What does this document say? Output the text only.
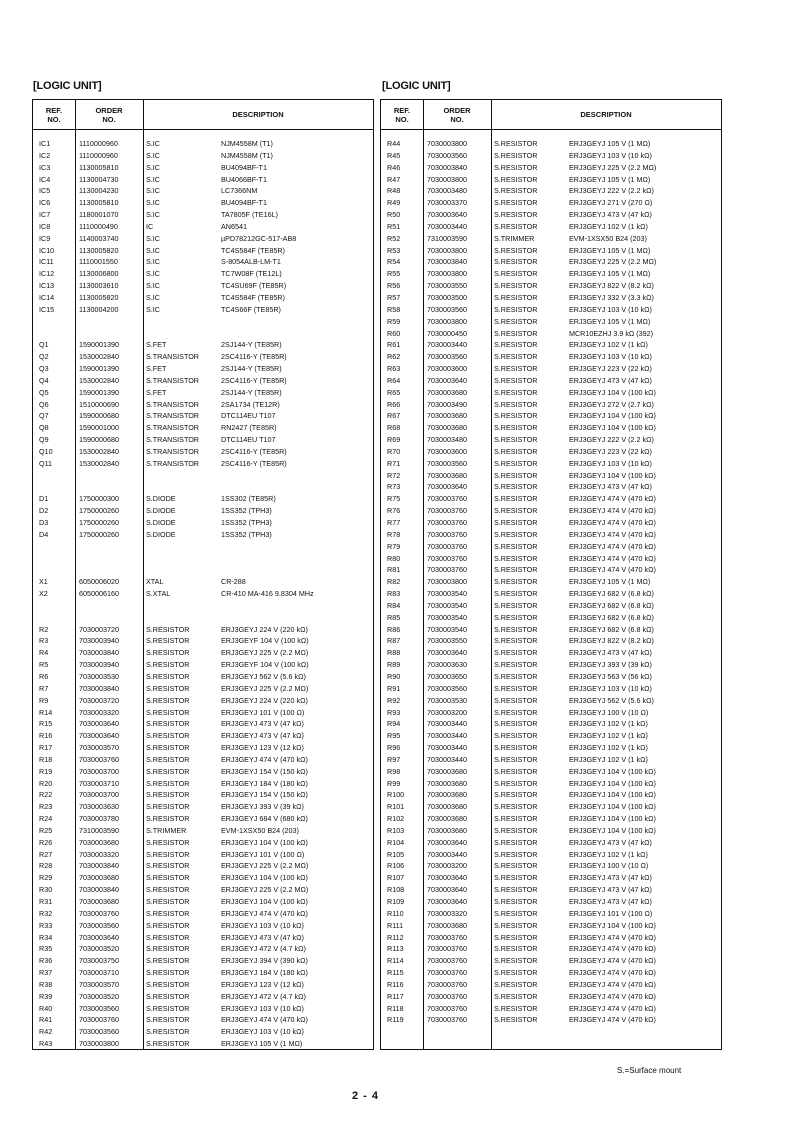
[LOGIC UNIT]
REF.
NO.
ORDER
NO.	DESCRIPTION
IC1	1110000960	S.IC	NJM4558M (T1)
IC2	1110000960	S.IC	NJM4558M (T1)
IC3	1130005810	S.IC	BU4094BF-T1
IC4	1130004730	S.IC	BU4066BF-T1
IC5	1130004230	S.IC	LC7366NM
IC6	1130005810	S.IC	BU4094BF-T1
IC7	1180001070	S.IC	TA7805F (TE16L)
IC8	1110000490	IC	AN6541
IC9	1140003740	S.IC	µPD78212GC-517-AB8
IC10	1130005820	S.IC	TC4S584F (TE85R)
IC11	1110001550	S.IC	S-8054ALB-LM-T1
IC12	1130006800	S.IC	TC7W08F (TE12L)
IC13	1130003610	S.IC	TC4SU69F (TE85R)
IC14	1130005820	S.IC	TC4S584F (TE85R)
IC15	1130004200	S.IC	TC4S66F (TE85R)
Q1	1590001390	S.FET	2SJ144-Y (TE85R)
Q2	1530002840	S.TRANSISTOR	2SC4116-Y (TE85R)
Q3	1590001390	S.FET	2SJ144-Y (TE85R)
Q4	1530002840	S.TRANSISTOR	2SC4116-Y (TE85R)
Q5	1590001390	S.FET	2SJ144-Y (TE85R)
Q6	1510000690	S.TRANSISTOR	2SA1734 (TE12R)
Q7	1590000680	S.TRANSISTOR	DTC114EU T107
Q8	1590001000	S.TRANSISTOR	RN2427 (TE85R)
Q9	1590000680	S.TRANSISTOR	DTC114EU T107
Q10	1530002840	S.TRANSISTOR	2SC4116-Y (TE85R)
Q11	1530002840	S.TRANSISTOR	2SC4116-Y (TE85R)
D1	1750000300	S.DIODE	1SS302 (TE85R)
D2	1750000260	S.DIODE	1SS352 (TPH3)
D3	1750000260	S.DIODE	1SS352 (TPH3)
D4	1750000260	S.DIODE	1SS352 (TPH3)
X1	6050006020	XTAL	CR-288
X2	6050006160	S.XTAL	CR-410 MA-416 9.8304 MHz
R2	7030003720	S.RESISTOR	ERJ3GEYJ 224 V (220 kΩ)
R3	7030003940	S.RESISTOR	ERJ3GEYF 104 V (100 kΩ)
R4	7030003840	S.RESISTOR	ERJ3GEYJ 225 V (2.2 MΩ)
R5	7030003940	S.RESISTOR	ERJ3GEYF 104 V (100 kΩ)
R6	7030003530	S.RESISTOR	ERJ3GEYJ 562 V (5.6 kΩ)
R7	7030003840	S.RESISTOR	ERJ3GEYJ 225 V (2.2 MΩ)
R9	7030003720	S.RESISTOR	ERJ3GEYJ 224 V (220 kΩ)
R14	7030003320	S.RESISTOR	ERJ3GEYJ 101 V (100 Ω)
R15	7030003640	S.RESISTOR	ERJ3GEYJ 473 V (47 kΩ)
R16	7030003640	S.RESISTOR	ERJ3GEYJ 473 V (47 kΩ)
R17	7030003570	S.RESISTOR	ERJ3GEYJ 123 V (12 kΩ)
R18	7030003760	S.RESISTOR	ERJ3GEYJ 474 V (470 kΩ)
R19	7030003700	S.RESISTOR	ERJ3GEYJ 154 V (150 kΩ)
R20	7030003710	S.RESISTOR	ERJ3GEYJ 184 V (180 kΩ)
R22	7030003700	S.RESISTOR	ERJ3GEYJ 154 V (150 kΩ)
R23	7030003630	S.RESISTOR	ERJ3GEYJ 393 V (39 kΩ)
R24	7030003780	S.RESISTOR	ERJ3GEYJ 684 V (680 kΩ)
R25	7310003590	S.TRIMMER	EVM-1XSX50 B24 (203)
R26	7030003680	S.RESISTOR	ERJ3GEYJ 104 V (100 kΩ)
R27	7030003320	S.RESISTOR	ERJ3GEYJ 101 V (100 Ω)
R28	7030003840	S.RESISTOR	ERJ3GEYJ 225 V (2.2 MΩ)
R29	7030003680	S.RESISTOR	ERJ3GEYJ 104 V (100 kΩ)
R30	7030003840	S.RESISTOR	ERJ3GEYJ 225 V (2.2 MΩ)
R31	7030003680	S.RESISTOR	ERJ3GEYJ 104 V (100 kΩ)
R32	7030003760	S.RESISTOR	ERJ3GEYJ 474 V (470 kΩ)
R33	7030003560	S.RESISTOR	ERJ3GEYJ 103 V (10 kΩ)
R34	7030003640	S.RESISTOR	ERJ3GEYJ 473 V (47 kΩ)
R35	7030003520	S.RESISTOR	ERJ3GEYJ 472 V (4.7 kΩ)
R36	7030003750	S.RESISTOR	ERJ3GEYJ 394 V (390 kΩ)
R37	7030003710	S.RESISTOR	ERJ3GEYJ 184 V (180 kΩ)
R38	7030003570	S.RESISTOR	ERJ3GEYJ 123 V (12 kΩ)
R39	7030003520	S.RESISTOR	ERJ3GEYJ 472 V (4.7 kΩ)
R40	7030003560	S.RESISTOR	ERJ3GEYJ 103 V (10 kΩ)
R41	7030003760	S.RESISTOR	ERJ3GEYJ 474 V (470 kΩ)
R42	7030003560	S.RESISTOR	ERJ3GEYJ 103 V (10 kΩ)
R43	7030003800	S.RESISTOR	ERJ3GEYJ 105 V (1 MΩ)
[LOGIC UNIT]
REF.
NO.
ORDER
NO.	DESCRIPTION
R44	7030003800	S.RESISTOR	ERJ3GEYJ 105 V (1 MΩ)
R45	7030003560	S.RESISTOR	ERJ3GEYJ 103 V (10 kΩ)
R46	7030003840	S.RESISTOR	ERJ3GEYJ 225 V (2.2 MΩ)
R47	7030003800	S.RESISTOR	ERJ3GEYJ 105 V (1 MΩ)
R48	7030003480	S.RESISTOR	ERJ3GEYJ 222 V (2.2 kΩ)
R49	7030003370	S.RESISTOR	ERJ3GEYJ 271 V (270 Ω)
R50	7030003640	S.RESISTOR	ERJ3GEYJ 473 V (47 kΩ)
R51	7030003440	S.RESISTOR	ERJ3GEYJ 102 V (1 kΩ)
R52	7310003590	S.TRIMMER	EVM-1XSX50 B24 (203)
R53	7030003800	S.RESISTOR	ERJ3GEYJ 105 V (1 MΩ)
R54	7030003840	S.RESISTOR	ERJ3GEYJ 225 V (2.2 MΩ)
R55	7030003800	S.RESISTOR	ERJ3GEYJ 105 V (1 MΩ)
R56	7030003550	S.RESISTOR	ERJ3GEYJ 822 V (8.2 kΩ)
R57	7030003500	S.RESISTOR	ERJ3GEYJ 332 V (3.3 kΩ)
R58	7030003560	S.RESISTOR	ERJ3GEYJ 103 V (10 kΩ)
R59	7030003800	S.RESISTOR	ERJ3GEYJ 105 V (1 MΩ)
R60	7030000450	S.RESISTOR	MCR10EZHJ 3.9 kΩ (392)
R61	7030003440	S.RESISTOR	ERJ3GEYJ 102 V (1 kΩ)
R62	7030003560	S.RESISTOR	ERJ3GEYJ 103 V (10 kΩ)
R63	7030003600	S.RESISTOR	ERJ3GEYJ 223 V (22 kΩ)
R64	7030003640	S.RESISTOR	ERJ3GEYJ 473 V (47 kΩ)
R65	7030003680	S.RESISTOR	ERJ3GEYJ 104 V (100 kΩ)
R66	7030003490	S.RESISTOR	ERJ3GEYJ 272 V (2.7 kΩ)
R67	7030003680	S.RESISTOR	ERJ3GEYJ 104 V (100 kΩ)
R68	7030003680	S.RESISTOR	ERJ3GEYJ 104 V (100 kΩ)
R69	7030003480	S.RESISTOR	ERJ3GEYJ 222 V (2.2 kΩ)
R70	7030003600	S.RESISTOR	ERJ3GEYJ 223 V (22 kΩ)
R71	7030003560	S.RESISTOR	ERJ3GEYJ 103 V (10 kΩ)
R72	7030003680	S.RESISTOR	ERJ3GEYJ 104 V (100 kΩ)
R73	7030003640	S.RESISTOR	ERJ3GEYJ 473 V (47 kΩ)
R75	7030003760	S.RESISTOR	ERJ3GEYJ 474 V (470 kΩ)
R76	7030003760	S.RESISTOR	ERJ3GEYJ 474 V (470 kΩ)
R77	7030003760	S.RESISTOR	ERJ3GEYJ 474 V (470 kΩ)
R78	7030003760	S.RESISTOR	ERJ3GEYJ 474 V (470 kΩ)
R79	7030003760	S.RESISTOR	ERJ3GEYJ 474 V (470 kΩ)
R80	7030003760	S.RESISTOR	ERJ3GEYJ 474 V (470 kΩ)
R81	7030003760	S.RESISTOR	ERJ3GEYJ 474 V (470 kΩ)
R82	7030003800	S.RESISTOR	ERJ3GEYJ 105 V (1 MΩ)
R83	7030003540	S.RESISTOR	ERJ3GEYJ 682 V (6.8 kΩ)
R84	7030003540	S.RESISTOR	ERJ3GEYJ 682 V (6.8 kΩ)
R85	7030003540	S.RESISTOR	ERJ3GEYJ 682 V (6.8 kΩ)
R86	7030003540	S.RESISTOR	ERJ3GEYJ 682 V (6.8 kΩ)
R87	7030003550	S.RESISTOR	ERJ3GEYJ 822 V (8.2 kΩ)
R88	7030003640	S.RESISTOR	ERJ3GEYJ 473 V (47 kΩ)
R89	7030003630	S.RESISTOR	ERJ3GEYJ 393 V (39 kΩ)
R90	7030003650	S.RESISTOR	ERJ3GEYJ 563 V (56 kΩ)
R91	7030003560	S.RESISTOR	ERJ3GEYJ 103 V (10 kΩ)
R92	7030003530	S.RESISTOR	ERJ3GEYJ 562 V (5.6 kΩ)
R93	7030003200	S.RESISTOR	ERJ3GEYJ 100 V (10 Ω)
R94	7030003440	S.RESISTOR	ERJ3GEYJ 102 V (1 kΩ)
R95	7030003440	S.RESISTOR	ERJ3GEYJ 102 V (1 kΩ)
R96	7030003440	S.RESISTOR	ERJ3GEYJ 102 V (1 kΩ)
R97	7030003440	S.RESISTOR	ERJ3GEYJ 102 V (1 kΩ)
R98	7030003680	S.RESISTOR	ERJ3GEYJ 104 V (100 kΩ)
R99	7030003680	S.RESISTOR	ERJ3GEYJ 104 V (100 kΩ)
R100	7030003680	S.RESISTOR	ERJ3GEYJ 104 V (100 kΩ)
R101	7030003680	S.RESISTOR	ERJ3GEYJ 104 V (100 kΩ)
R102	7030003680	S.RESISTOR	ERJ3GEYJ 104 V (100 kΩ)
R103	7030003680	S.RESISTOR	ERJ3GEYJ 104 V (100 kΩ)
R104	7030003640	S.RESISTOR	ERJ3GEYJ 473 V (47 kΩ)
R105	7030003440	S.RESISTOR	ERJ3GEYJ 102 V (1 kΩ)
R106	7030003200	S.RESISTOR	ERJ3GEYJ 100 V (10 Ω)
R107	7030003640	S.RESISTOR	ERJ3GEYJ 473 V (47 kΩ)
R108	7030003640	S.RESISTOR	ERJ3GEYJ 473 V (47 kΩ)
R109	7030003640	S.RESISTOR	ERJ3GEYJ 473 V (47 kΩ)
R110	7030003320	S.RESISTOR	ERJ3GEYJ 101 V (100 Ω)
R111	7030003680	S.RESISTOR	ERJ3GEYJ 104 V (100 kΩ)
R112	7030003760	S.RESISTOR	ERJ3GEYJ 474 V (470 kΩ)
R113	7030003760	S.RESISTOR	ERJ3GEYJ 474 V (470 kΩ)
R114	7030003760	S.RESISTOR	ERJ3GEYJ 474 V (470 kΩ)
R115	7030003760	S.RESISTOR	ERJ3GEYJ 474 V (470 kΩ)
R116	7030003760	S.RESISTOR	ERJ3GEYJ 474 V (470 kΩ)
R117	7030003760	S.RESISTOR	ERJ3GEYJ 474 V (470 kΩ)
R118	7030003760	S.RESISTOR	ERJ3GEYJ 474 V (470 kΩ)
R119	7030003760	S.RESISTOR	ERJ3GEYJ 474 V (470 kΩ)
S.=Surface mount
2 - 4
